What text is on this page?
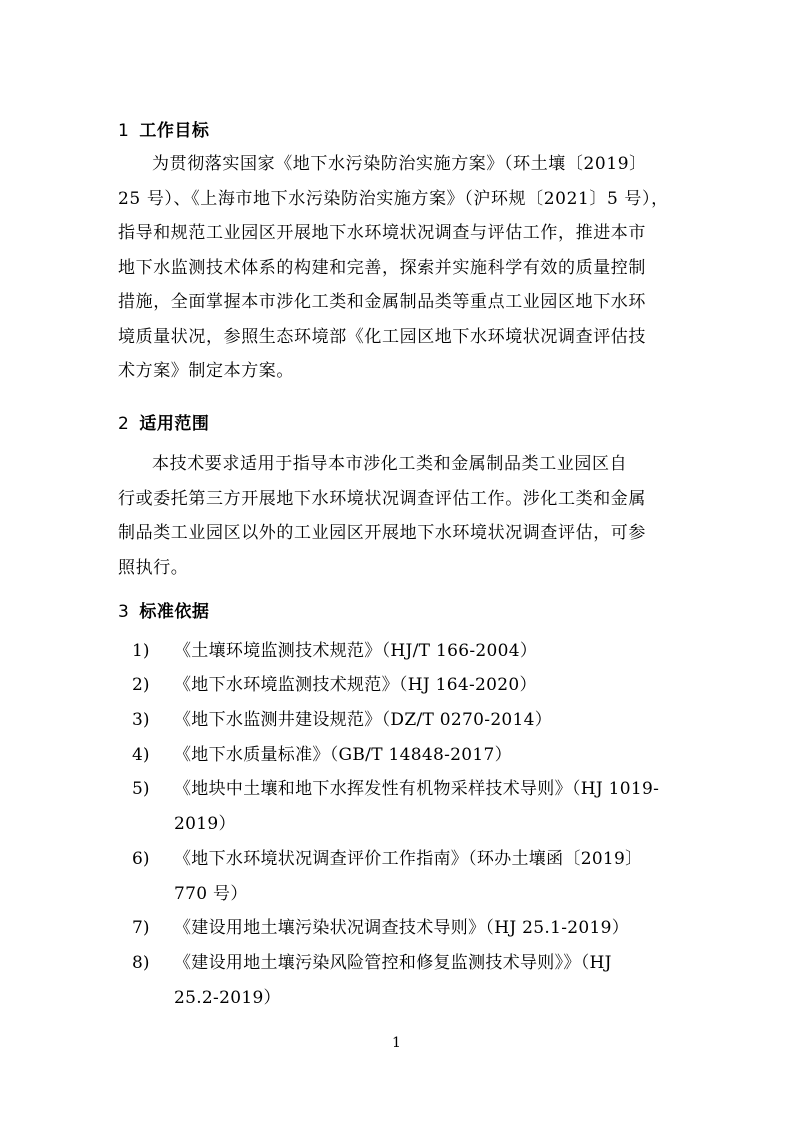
1 工作目标
为贯彻落实国家《地下水污染防治实施方案》（环土壤〔2019〕
25 号）、《上海市地下水污染防治实施方案》（沪环规〔2021〕5 号），
指导和规范工业园区开展地下水环境状况调查与评估工作，推进本市
地下水监测技术体系的构建和完善，探索并实施科学有效的质量控制
措施，全面掌握本市涉化工类和金属制品类等重点工业园区地下水环
境质量状况，参照生态环境部《化工园区地下水环境状况调查评估技
术方案》制定本方案。
2 适用范围
本技术要求适用于指导本市涉化工类和金属制品类工业园区自
行或委托第三方开展地下水环境状况调查评估工作。涉化工类和金属
制品类工业园区以外的工业园区开展地下水环境状况调查评估，可参
照执行。
3 标准依据
1) 《土壤环境监测技术规范》（HJ/T 166-2004）
2) 《地下水环境监测技术规范》（HJ 164-2020）
3) 《地下水监测井建设规范》（DZ/T 0270-2014）
4) 《地下水质量标准》（GB/T 14848-2017）
5) 《地块中土壤和地下水挥发性有机物采样技术导则》（HJ 1019-
2019）
6) 《地下水环境状况调查评价工作指南》（环办土壤函〔2019〕
770 号）
7) 《建设用地土壤污染状况调查技术导则》（HJ 25.1-2019）
8) 《建设用地土壤污染风险管控和修复监测技术导则》》（HJ
25.2-2019）
1
